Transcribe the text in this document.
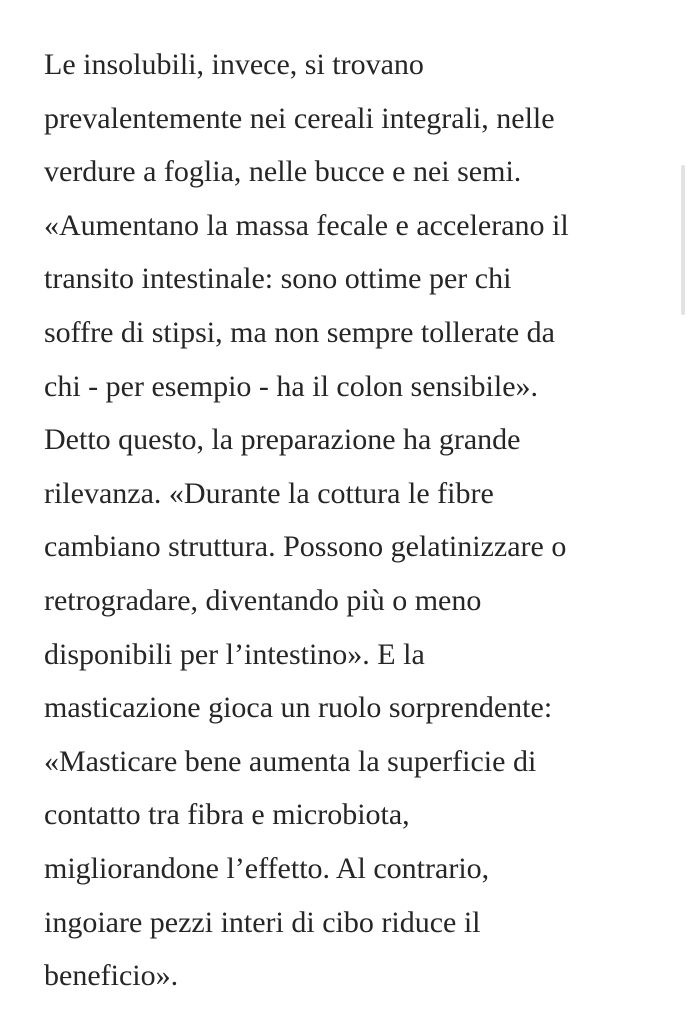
Le insolubili, invece, si trovano
prevalentemente nei cereali integrali, nelle
verdure a foglia, nelle bucce e nei semi.
«Aumentano la massa fecale e accelerano il
transito intestinale: sono ottime per chi
soffre di stipsi, ma non sempre tollerate da
chi - per esempio - ha il colon sensibile».
Detto questo, la preparazione ha grande
rilevanza. «Durante la cottura le fibre
cambiano struttura. Possono gelatinizzare o
retrogradare, diventando più o meno
disponibili per l’intestino». E la
masticazione gioca un ruolo sorprendente:
«Masticare bene aumenta la superficie di
contatto tra fibra e microbiota,
migliorandone l’effetto. Al contrario,
ingoiare pezzi interi di cibo riduce il
beneficio».
